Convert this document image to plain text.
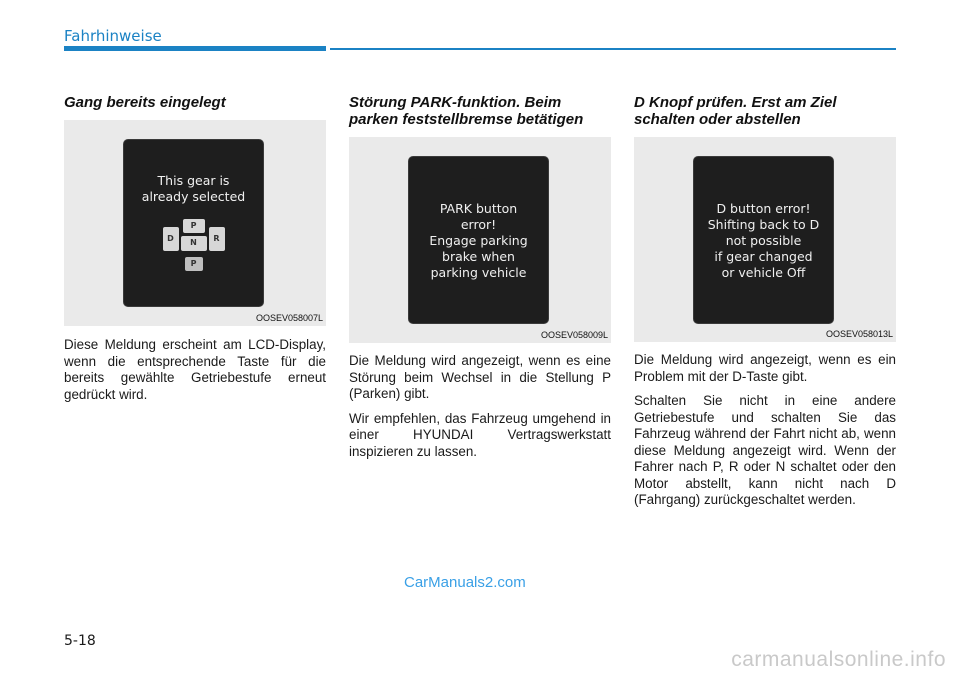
Fahrhinweise
Gang bereits eingelegt
This gear is
already selected
P
D	R
N
P
OOSEV058007L

Diese Meldung erscheint am LCD-Display, wenn die entsprechende Taste für die bereits gewählte Getriebestufe erneut gedrückt wird.

Störung PARK-funktion. Beim parken feststellbremse betätigen
PARK button
error!
Engage parking
brake when
parking vehicle
OOSEV058009L

Die Meldung wird angezeigt, wenn es eine Störung beim Wechsel in die Stellung P (Parken) gibt.

Wir empfehlen, das Fahrzeug umgehend in einer HYUNDAI Vertragswerkstatt inspizieren zu lassen.

D Knopf prüfen. Erst am Ziel schalten oder abstellen
D button error!
Shifting back to D
not possible
if gear changed
or vehicle Off
OOSEV058013L

Die Meldung wird angezeigt, wenn es ein Problem mit der D-Taste gibt.

Schalten Sie nicht in eine andere Getriebestufe und schalten Sie das Fahrzeug während der Fahrt nicht ab, wenn diese Meldung angezeigt wird. Wenn der Fahrer nach P, R oder N schaltet oder den Motor abstellt, kann nicht nach D (Fahrgang) zurückgeschaltet werden.

CarManuals2.com
5-18
carmanualsonline.info
